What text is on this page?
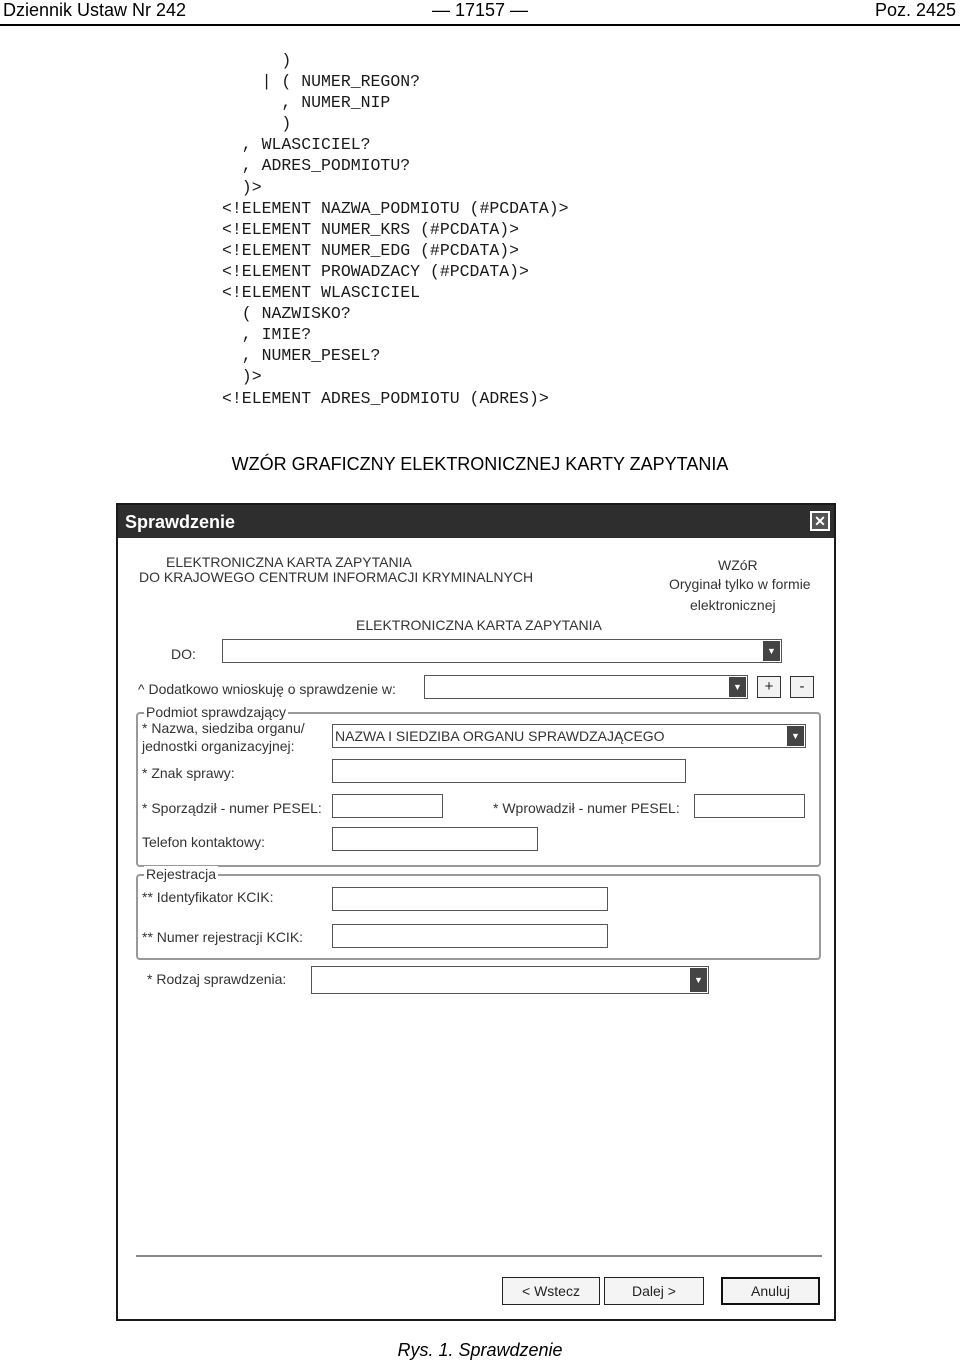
— 17157 —
Dziennik Ustaw Nr 242	Poz. 2425
)
| ( NUMER_REGON?
, NUMER_NIP
)
, WLASCICIEL?
, ADRES_PODMIOTU?
)>
<!ELEMENT NAZWA_PODMIOTU (#PCDATA)>
<!ELEMENT NUMER_KRS (#PCDATA)>
<!ELEMENT NUMER_EDG (#PCDATA)>
<!ELEMENT PROWADZACY (#PCDATA)>
<!ELEMENT WLASCICIEL
( NAZWISKO?
, IMIE?
, NUMER_PESEL?
)>
<!ELEMENT ADRES_PODMIOTU (ADRES)>
WZÓR GRAFICZNY ELEKTRONICZNEJ KARTY ZAPYTANIA
Sprawdzenie	✕
ELEKTRONICZNA KARTA ZAPYTANIA
DO KRAJOWEGO CENTRUM INFORMACJI KRYMINALNYCH
WZóR
Oryginał tylko w formie
elektronicznej
ELEKTRONICZNA KARTA ZAPYTANIA
DO:	▼
^ Dodatkowo wnioskuję o sprawdzenie w:	▼	+	-
Podmiot sprawdzający
* Nazwa, siedziba organu/
jednostki organizacyjnej:
NAZWA I SIEDZIBA ORGANU SPRAWDZAJĄCEGO	▼
* Znak sprawy:
* Sporządził - numer PESEL:	* Wprowadził - numer PESEL:
Telefon kontaktowy:
Rejestracja
** Identyfikator KCIK:
** Numer rejestracji KCIK:
* Rodzaj sprawdzenia:	▼
< Wstecz	Dalej >	Anuluj
Rys. 1. Sprawdzenie
